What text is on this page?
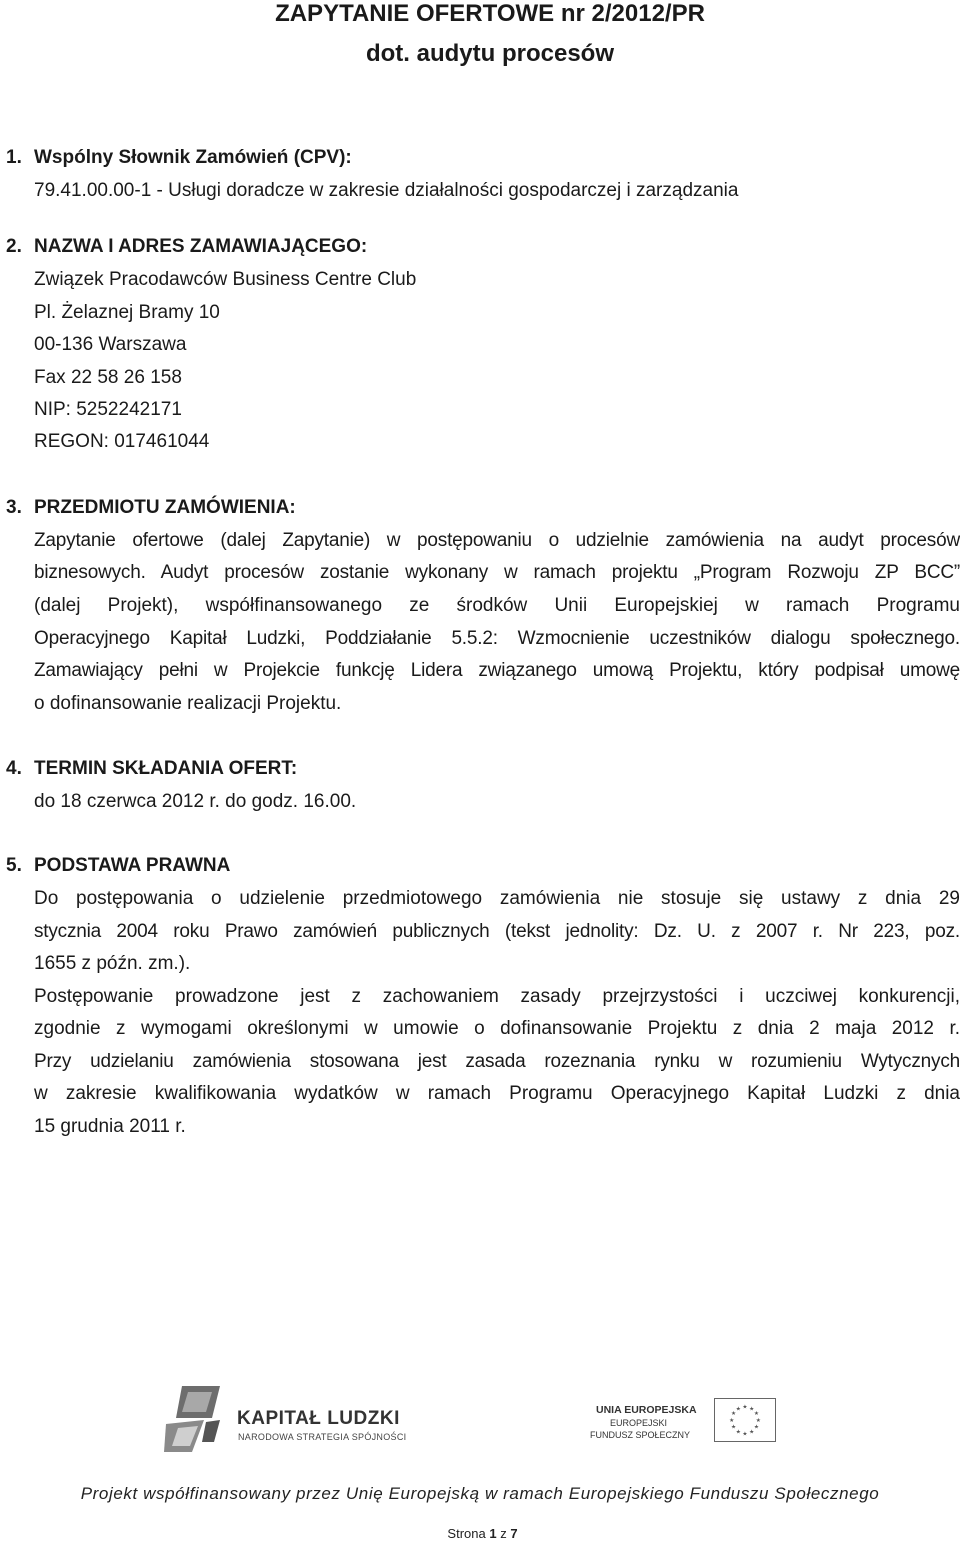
ZAPYTANIE OFERTOWE nr 2/2012/PR
dot. audytu procesów
1. Wspólny Słownik Zamówień (CPV):
79.41.00.00-1 - Usługi doradcze w zakresie działalności gospodarczej i zarządzania
2. NAZWA I ADRES ZAMAWIAJĄCEGO:
Związek Pracodawców Business Centre Club
Pl. Żelaznej Bramy 10
00-136 Warszawa
Fax 22 58 26 158
NIP: 5252242171
REGON: 017461044
3. PRZEDMIOTU ZAMÓWIENIA:
Zapytanie ofertowe (dalej Zapytanie) w postępowaniu o udzielnie zamówienia na audyt procesów
biznesowych. Audyt procesów zostanie wykonany w ramach projektu „Program Rozwoju ZP BCC”
(dalej Projekt), współfinansowanego ze środków Unii Europejskiej w ramach Programu
Operacyjnego Kapitał Ludzki, Poddziałanie 5.5.2: Wzmocnienie uczestników dialogu społecznego.
Zamawiający pełni w Projekcie funkcję Lidera związanego umową Projektu, który podpisał umowę
o dofinansowanie realizacji Projektu.
4. TERMIN SKŁADANIA OFERT:
do 18 czerwca 2012 r. do godz. 16.00.
5. PODSTAWA PRAWNA
Do postępowania o udzielenie przedmiotowego zamówienia nie stosuje się ustawy z dnia 29
stycznia 2004 roku Prawo zamówień publicznych (tekst jednolity: Dz. U. z 2007 r. Nr 223, poz.
1655 z późn. zm.).
Postępowanie prowadzone jest z zachowaniem zasady przejrzystości i uczciwej konkurencji,
zgodnie z wymogami określonymi w umowie o dofinansowanie Projektu z dnia 2 maja 2012 r.
Przy udzielaniu zamówienia stosowana jest zasada rozeznania rynku w rozumieniu Wytycznych
w zakresie kwalifikowania wydatków w ramach Programu Operacyjnego Kapitał Ludzki z dnia
15 grudnia 2011 r.
KAPITAŁ LUDZKI
NARODOWA STRATEGIA SPÓJNOŚCI
UNIA EUROPEJSKA
EUROPEJSKI
FUNDUSZ SPOŁECZNY
★ ★
★
★
★
★
★
★
★
★
★
★
Projekt współfinansowany przez Unię Europejską w ramach Europejskiego Funduszu Społecznego
Strona 1 z 7
